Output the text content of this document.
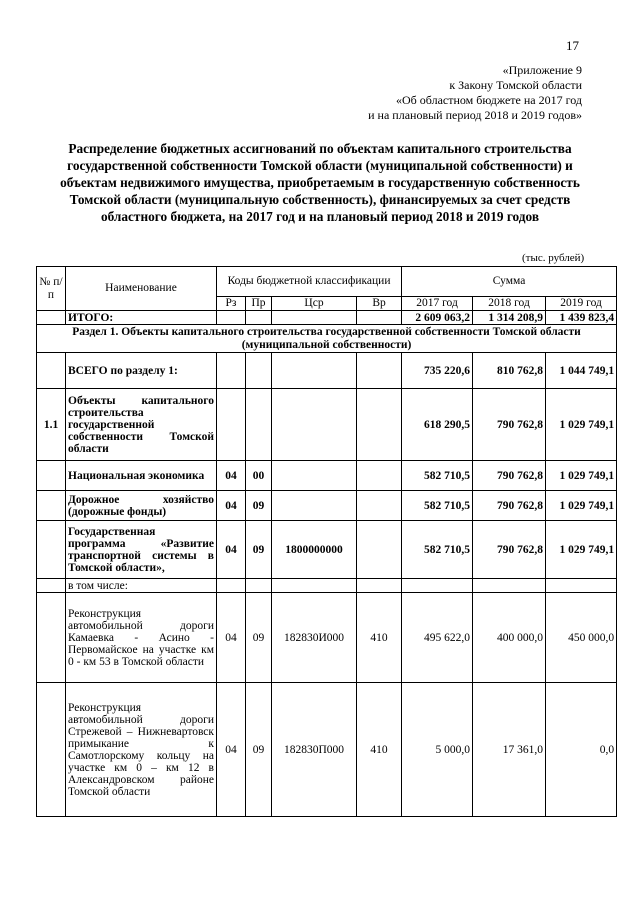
17
«Приложение 9
к Закону Томской области
«Об областном бюджете на 2017 год
и на плановый период 2018 и 2019 годов»
Распределение бюджетных ассигнований по объектам капитального строительства государственной собственности Томской области (муниципальной собственности) и объектам недвижимого имущества, приобретаемым в государственную собственность Томской области (муниципальную собственность), финансируемых за счет средств областного бюджета, на 2017 год и на плановый период 2018 и 2019 годов
(тыс. рублей)
№ п/п	Наименование	Коды бюджетной классификации				Сумма		
		Рз	Пр	Цср	Вр	2017 год	2018 год	2019 год
	ИТОГО:					2 609 063,2	1 314 208,9	1 439 823,4
Раздел 1. Объекты капитального строительства государственной собственности Томской области (муниципальной собственности)								
	ВСЕГО по разделу 1:					735 220,6	810 762,8	1 044 749,1
1.1	Объекты капитального строительства государственной собственности Томской области					618 290,5	790 762,8	1 029 749,1
	Национальная экономика	04	00			582 710,5	790 762,8	1 029 749,1
	Дорожное хозяйство (дорожные фонды)	04	09			582 710,5	790 762,8	1 029 749,1
	Государственная программа «Развитие транспортной системы в Томской области»,	04	09	1800000000		582 710,5	790 762,8	1 029 749,1
	в том числе:							
	Реконструкция автомобильной дороги Камаевка - Асино - Первомайское на участке км 0 - км 53 в Томской области	04	09	182830И000	410	495 622,0	400 000,0	450 000,0
	Реконструкция автомобильной дороги Стрежевой – Нижневартовск примыкание к Самотлорскому кольцу на участке км 0 – км 12 в Александровском районе Томской области	04	09	182830П000	410	5 000,0	17 361,0	0,0
